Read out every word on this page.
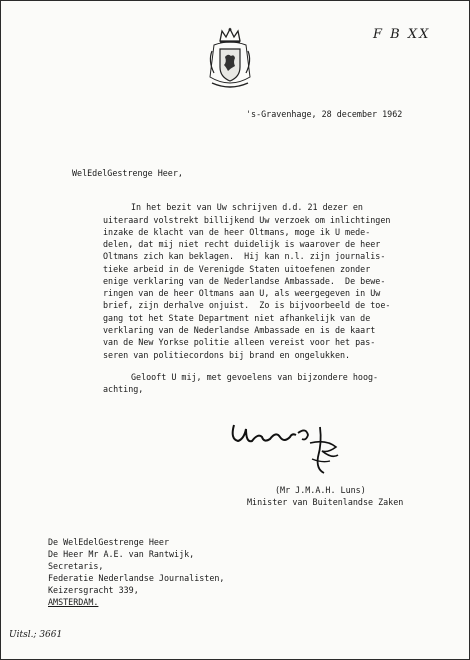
F B XX
's-Gravenhage, 28 december 1962
WelEdelGestrenge Heer,
In het bezit van Uw schrijven d.d. 21 dezer en
uiteraard volstrekt billijkend Uw verzoek om inlichtingen
inzake de klacht van de heer Oltmans, moge ik U mede-
delen, dat mij niet recht duidelijk is waarover de heer
Oltmans zich kan beklagen.  Hij kan n.l. zijn journalis-
tieke arbeid in de Verenigde Staten uitoefenen zonder
enige verklaring van de Nederlandse Ambassade.  De bewe-
ringen van de heer Oltmans aan U, als weergegeven in Uw
brief, zijn derhalve onjuist.  Zo is bijvoorbeeld de toe-
gang tot het State Department niet afhankelijk van de
verklaring van de Nederlandse Ambassade en is de kaart
van de New Yorkse politie alleen vereist voor het pas-
seren van politiecordons bij brand en ongelukken.
Gelooft U mij, met gevoelens van bijzondere hoog-
achting,
(Mr J.M.A.H. Luns)
Minister van Buitenlandse Zaken
De WelEdelGestrenge Heer
De Heer Mr A.E. van Rantwijk,
Secretaris,
Federatie Nederlandse Journalisten,
Keizersgracht 339,
AMSTERDAM.
Uitsl.; 3661
